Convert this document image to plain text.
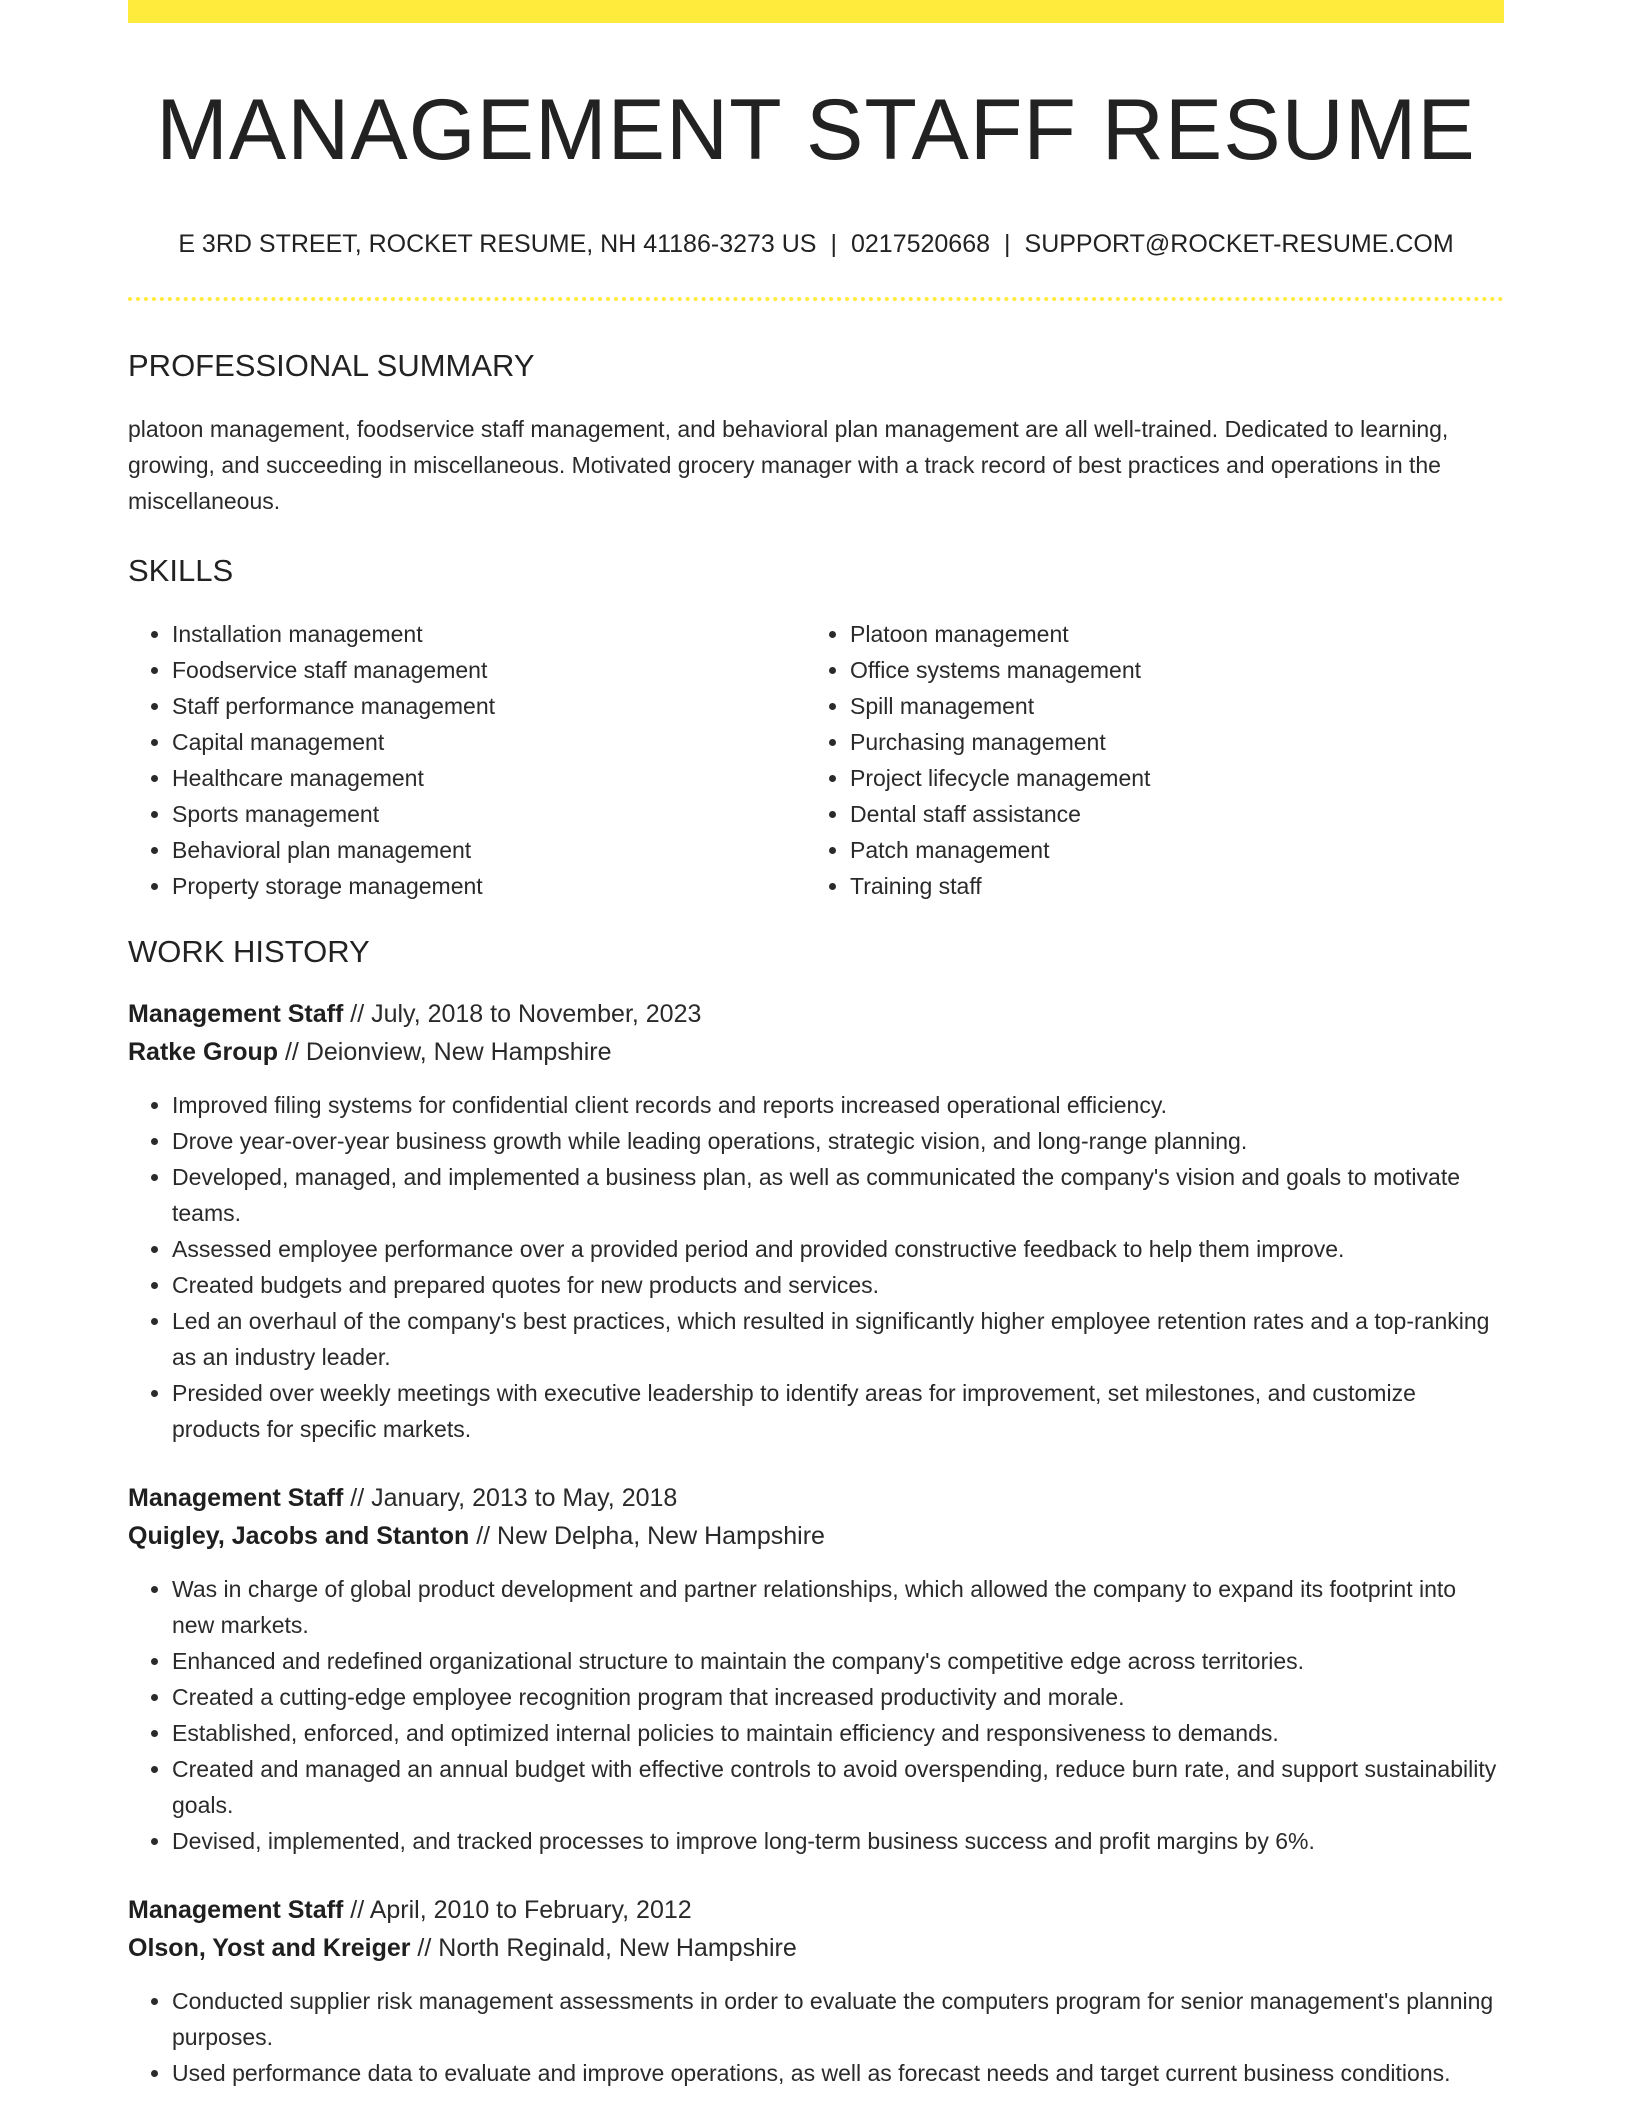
MANAGEMENT STAFF RESUME
E 3RD STREET, ROCKET RESUME, NH 41186-3273 US | 0217520668 | SUPPORT@ROCKET-RESUME.COM
PROFESSIONAL SUMMARY
platoon management, foodservice staff management, and behavioral plan management are all well-trained. Dedicated to learning, growing, and succeeding in miscellaneous. Motivated grocery manager with a track record of best practices and operations in the miscellaneous.
SKILLS
• Installation management
• Foodservice staff management
• Staff performance management
• Capital management
• Healthcare management
• Sports management
• Behavioral plan management
• Property storage management
• Platoon management
• Office systems management
• Spill management
• Purchasing management
• Project lifecycle management
• Dental staff assistance
• Patch management
• Training staff
WORK HISTORY
Management Staff // July, 2018 to November, 2023
Ratke Group // Deionview, New Hampshire
• Improved filing systems for confidential client records and reports increased operational efficiency.
• Drove year-over-year business growth while leading operations, strategic vision, and long-range planning.
• Developed, managed, and implemented a business plan, as well as communicated the company's vision and goals to motivate teams.
• Assessed employee performance over a provided period and provided constructive feedback to help them improve.
• Created budgets and prepared quotes for new products and services.
• Led an overhaul of the company's best practices, which resulted in significantly higher employee retention rates and a top-ranking as an industry leader.
• Presided over weekly meetings with executive leadership to identify areas for improvement, set milestones, and customize products for specific markets.
Management Staff // January, 2013 to May, 2018
Quigley, Jacobs and Stanton // New Delpha, New Hampshire
• Was in charge of global product development and partner relationships, which allowed the company to expand its footprint into new markets.
• Enhanced and redefined organizational structure to maintain the company's competitive edge across territories.
• Created a cutting-edge employee recognition program that increased productivity and morale.
• Established, enforced, and optimized internal policies to maintain efficiency and responsiveness to demands.
• Created and managed an annual budget with effective controls to avoid overspending, reduce burn rate, and support sustainability goals.
• Devised, implemented, and tracked processes to improve long-term business success and profit margins by 6%.
Management Staff // April, 2010 to February, 2012
Olson, Yost and Kreiger // North Reginald, New Hampshire
• Conducted supplier risk management assessments in order to evaluate the computers program for senior management's planning purposes.
• Used performance data to evaluate and improve operations, as well as forecast needs and target current business conditions.
